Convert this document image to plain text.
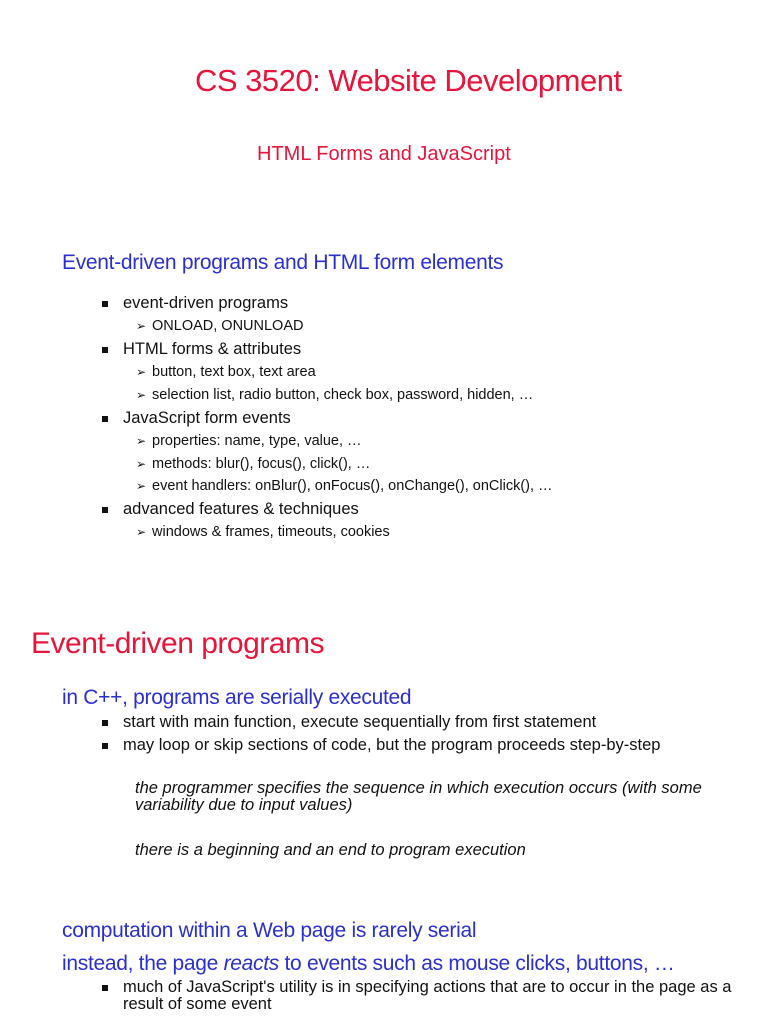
CS 3520: Website Development
HTML Forms and JavaScript
Event-driven programs and HTML form elements
event-driven programs
➢ ONLOAD, ONUNLOAD
HTML forms & attributes
➢ button, text box, text area
➢ selection list, radio button, check box, password, hidden, …
JavaScript form events
➢ properties: name, type, value, …
➢ methods: blur(), focus(), click(), …
➢ event handlers: onBlur(), onFocus(), onChange(), onClick(), …
advanced features & techniques
➢ windows & frames, timeouts, cookies
Event-driven programs
in C++, programs are serially executed
start with main function, execute sequentially from first statement
may loop or skip sections of code, but the program proceeds step-by-step
the programmer specifies the sequence in which execution occurs (with some variability due to input values)
there is a beginning and an end to program execution
computation within a Web page is rarely serial
instead, the page reacts to events such as mouse clicks, buttons, …
much of JavaScript's utility is in specifying actions that are to occur in the page as a result of some event
